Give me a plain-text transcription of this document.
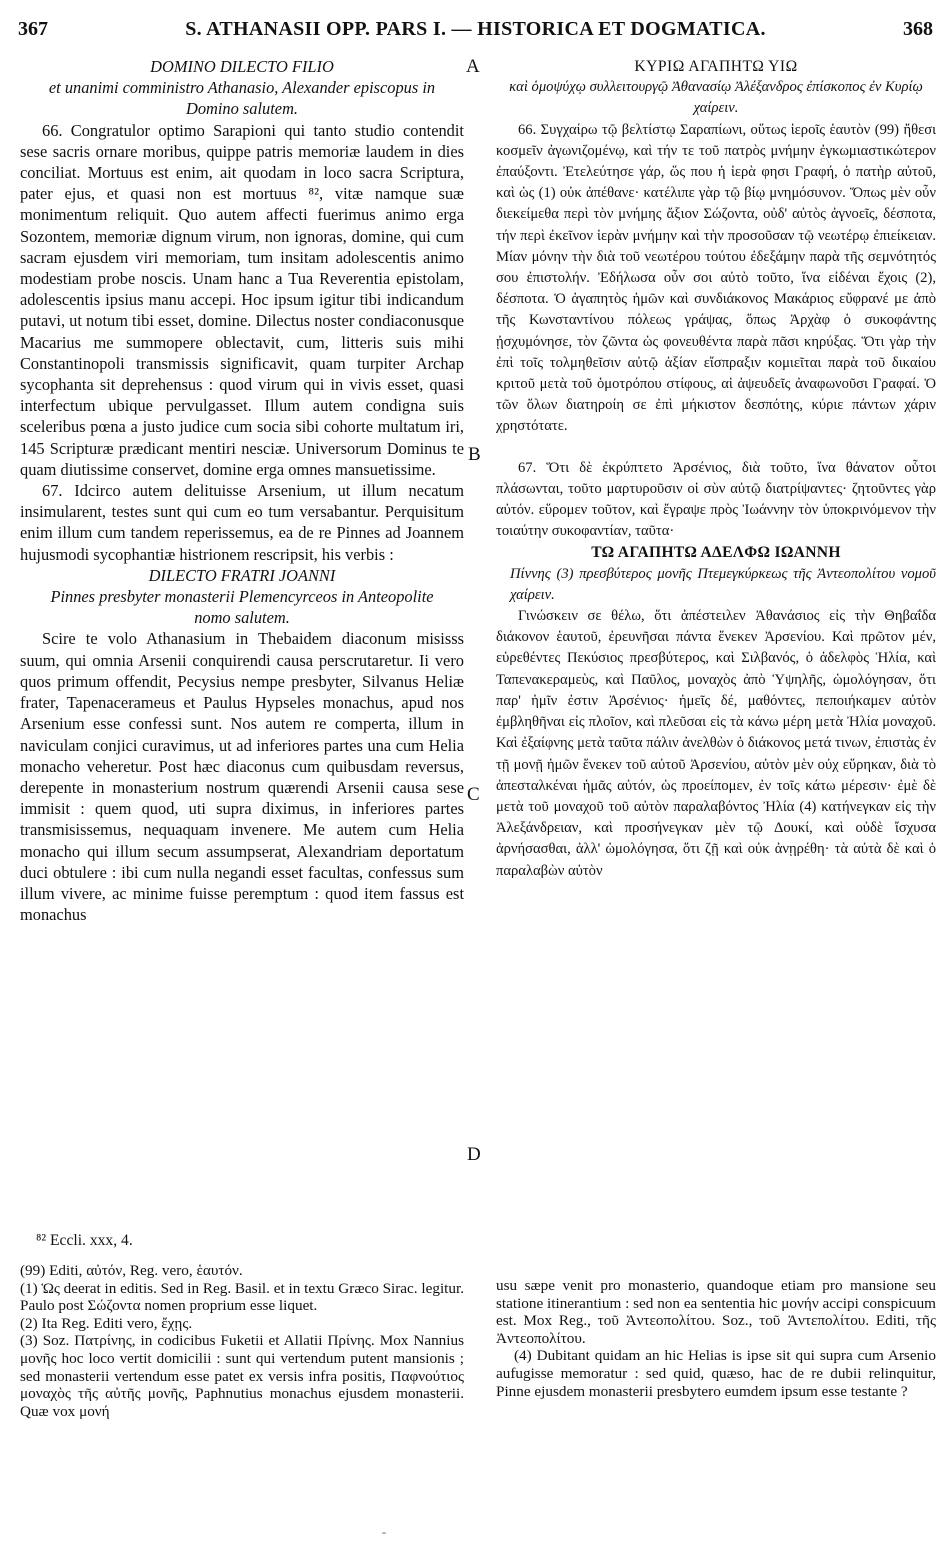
367	S. ATHANASII OPP. PARS I. — HISTORICA ET DOGMATICA.	368
A
B
C
D

DOMINO DILECTO FILIO

et unanimi comministro Athanasio, Alexander episcopus in Domino salutem.

66. Congratulor optimo Sarapioni qui tanto studio contendit sese sacris ornare moribus, quippe patris memoriæ laudem in dies conciliat. Mortuus est enim, ait quodam in loco sacra Scriptura, pater ejus, et quasi non est mortuus ⁸², vitæ namque suæ monimentum reliquit. Quo autem affecti fuerimus animo erga Sozontem, memoriæ dignum virum, non ignoras, domine, qui cum sacram ejusdem viri memoriam, tum insitam adolescentis animo modestiam probe noscis. Unam hanc a Tua Reverentia epistolam, adolescentis ipsius manu accepi. Hoc ipsum igitur tibi indicandum putavi, ut notum tibi esset, domine. Dilectus noster condiaconusque Macarius me summopere oblectavit, cum, litteris suis mihi Constantinopoli transmissis significavit, quam turpiter Archap sycophanta sit deprehensus : quod virum qui in vivis esset, quasi interfectum ubique pervulgasset. Illum autem condigna suis sceleribus pœna a justo judice cum socia sibi cohorte multatum iri, 145 Scripturæ prædicant mentiri nesciæ. Universorum Dominus te quam diutissime conservet, domine erga omnes mansuetissime.

67. Idcirco autem delituisse Arsenium, ut illum necatum insimularent, testes sunt qui cum eo tum versabantur. Perquisitum enim illum cum tandem reperissemus, ea de re Pinnes ad Joannem hujusmodi sycophantiæ histrionem rescripsit, his verbis :

DILECTO FRATRI JOANNI

Pinnes presbyter monasterii Plemencyrceos in Anteopolite nomo salutem.

Scire te volo Athanasium in Thebaidem diaconum misisss suum, qui omnia Arsenii conquirendi causa perscrutaretur. Ii vero quos primum offendit, Pecysius nempe presbyter, Silvanus Heliæ frater, Tapenacerameus et Paulus Hypseles monachus, apud nos Arsenium esse confessi sunt. Nos autem re comperta, illum in naviculam conjici curavimus, ut ad inferiores partes una cum Helia monacho veheretur. Post hæc diaconus cum quibusdam reversus, derepente in monasterium nostrum quærendi Arsenii causa sese immisit : quem quod, uti supra diximus, in inferiores partes transmisissemus, nequaquam invenere. Me autem cum Helia monacho qui illum secum assumpserat, Alexandriam deportatum duci obtulere : ibi cum nulla negandi esset facultas, confessus sum illum vivere, ac minime fuisse peremptum : quod item fassus est monachus

ΚΥΡΙΩ ΑΓΑΠΗΤΩ ΥΙΩ

καὶ ὁμοψύχῳ συλλειτουργῷ Ἀθανασίῳ Ἀλέξανδρος ἐπίσκοπος ἐν Κυρίῳ χαίρειν.

66. Συγχαίρω τῷ βελτίστῳ Σαραπίωνι, οὕτως ἱεροῖς ἑαυτὸν (99) ἤθεσι κοσμεῖν ἀγωνιζομένῳ, καὶ τήν τε τοῦ πατρὸς μνήμην ἐγκωμιαστικώτερον ἐπαύξοντι. Ἐτελεύτησε γάρ, ὥς που ἡ ἱερὰ φησι Γραφή, ὁ πατὴρ αὐτοῦ, καὶ ὡς (1) οὐκ ἀπέθανε· κατέλιπε γὰρ τῷ βίῳ μνημόσυνον. Ὅπως μὲν οὖν διεκείμεθα περὶ τὸν μνήμης ἄξιον Σώζοντα, οὐδ' αὐτὸς ἀγνοεῖς, δέσποτα, τήν περὶ ἐκεῖνον ἱερὰν μνήμην καὶ τὴν προσοῦσαν τῷ νεωτέρῳ ἐπιείκειαν. Μίαν μόνην τὴν διὰ τοῦ νεωτέρου τούτου ἐδεξάμην παρὰ τῆς σεμνότητός σου ἐπιστολήν. Ἐδήλωσα οὖν σοι αὐτὸ τοῦτο, ἵνα εἰδέναι ἔχοις (2), δέσποτα. Ὁ ἀγαπητὸς ἡμῶν καὶ συνδιάκονος Μακάριος εὔφρανέ με ἀπὸ τῆς Κωνσταντίνου πόλεως γράψας, ὅπως Ἀρχὰφ ὁ συκοφάντης ᾐσχυμόνησε, τὸν ζῶντα ὡς φονευθέντα παρὰ πᾶσι κηρύξας. Ὅτι γὰρ τὴν ἐπὶ τοῖς τολμηθεῖσιν αὐτῷ ἀξίαν εἴσπραξιν κομιεῖται παρὰ τοῦ δικαίου κριτοῦ μετὰ τοῦ ὁμοτρόπου στίφους, αἱ ἀψευδεῖς ἀναφωνοῦσι Γραφαί. Ὁ τῶν ὅλων διατηροίη σε ἐπὶ μήκιστον δεσπότης, κύριε πάντων χάριν χρηστότατε.

67. Ὅτι δὲ ἐκρύπτετο Ἀρσένιος, διὰ τοῦτο, ἵνα θάνατον οὗτοι πλάσωνται, τοῦτο μαρτυροῦσιν οἱ σὺν αὐτῷ διατρίψαντες· ζητοῦντες γὰρ αὐτόν. εὕρομεν τοῦτον, καὶ ἔγραψε πρὸς Ἰωάννην τὸν ὑποκρινόμενον τὴν τοιαύτην συκοφαντίαν, ταῦτα·

ΤΩ ΑΓΑΠΗΤΩ ΑΔΕΛΦΩ ΙΩΑΝΝΗ

Πίννης (3) πρεσβύτερος μονῆς Πτεμεγκύρκεως τῆς Ἀντεοπολίτου νομοῦ χαίρειν.

Γινώσκειν σε θέλω, ὅτι ἀπέστειλεν Ἀθανάσιος εἰς τὴν Θηβαΐδα διάκονον ἑαυτοῦ, ἐρευνῆσαι πάντα ἕνεκεν Ἀρσενίου. Καὶ πρῶτον μέν, εὑρεθέντες Πεκύσιος πρεσβύτερος, καὶ Σιλβανός, ὁ ἀδελφὸς Ἡλία, καὶ Ταπενακεραμεὺς, καὶ Παῦλος, μοναχὸς ἀπὸ Ὑψηλῆς, ὡμολόγησαν, ὅτι παρ' ἡμῖν ἐστιν Ἀρσένιος· ἡμεῖς δέ, μαθόντες, πεποιήκαμεν αὐτὸν ἐμβληθῆναι εἰς πλοῖον, καὶ πλεῦσαι εἰς τὰ κάνω μέρη μετὰ Ἠλία μοναχοῦ. Καὶ ἐξαίφνης μετὰ ταῦτα πάλιν ἀνελθὼν ὁ διάκονος μετά τινων, ἐπιστὰς ἐν τῇ μονῇ ἡμῶν ἕνεκεν τοῦ αὐτοῦ Ἀρσενίου, αὐτὸν μὲν οὐχ εὕρηκαν, διὰ τὸ ἀπεσταλκέναι ἡμᾶς αὐτόν, ὡς προείπομεν, ἐν τοῖς κάτω μέρεσιν· ἐμὲ δὲ μετὰ τοῦ μοναχοῦ τοῦ αὐτὸν παραλαβόντος Ἠλία (4) κατήνεγκαν εἰς τὴν Ἀλεξάνδρειαν, καὶ προσήνεγκαν μὲν τῷ Δουκί, καὶ οὐδὲ ἴσχυσα ἀρνήσασθαι, ἀλλ' ὡμολόγησα, ὅτι ζῇ καὶ οὐκ ἀνῃρέθη· τὰ αὐτὰ δὲ καὶ ὁ παραλαβὼν αὐτὸν

⁸² Eccli. xxx, 4.

(99) Editi, αὐτόν, Reg. vero, ἑαυτόν.

(1) Ὡς deerat in editis. Sed in Reg. Basil. et in textu Græco Sirac. legitur. Paulo post Σώζοντα nomen proprium esse liquet.

(2) Ita Reg. Editi vero, ἔχῃς.

(3) Soz. Πατρίνης, in codicibus Fuketii et Allatii Πρίνης. Mox Nannius μονῆς hoc loco vertit domicilii : sunt qui vertendum putent mansionis ; sed monasterii vertendum esse patet ex versis infra positis, Παφνούτιος μοναχὸς τῆς αὐτῆς μονῆς, Paphnutius monachus ejusdem monasterii. Quæ vox μονή

usu sæpe venit pro monasterio, quandoque etiam pro mansione seu statione itinerantium : sed non ea sententia hic μονήν accipi conspicuum est. Mox Reg., τοῦ Ἀντεοπολίτου. Soz., τοῦ Ἀντεπολίτου. Editi, τῆς Ἀντεοπολίτου.

(4) Dubitant quidam an hic Helias is ipse sit qui supra cum Arsenio aufugisse memoratur : sed quid, quæso, hac de re dubii relinquitur, Pinne ejusdem monasterii presbytero eumdem ipsum esse testante ?

-
